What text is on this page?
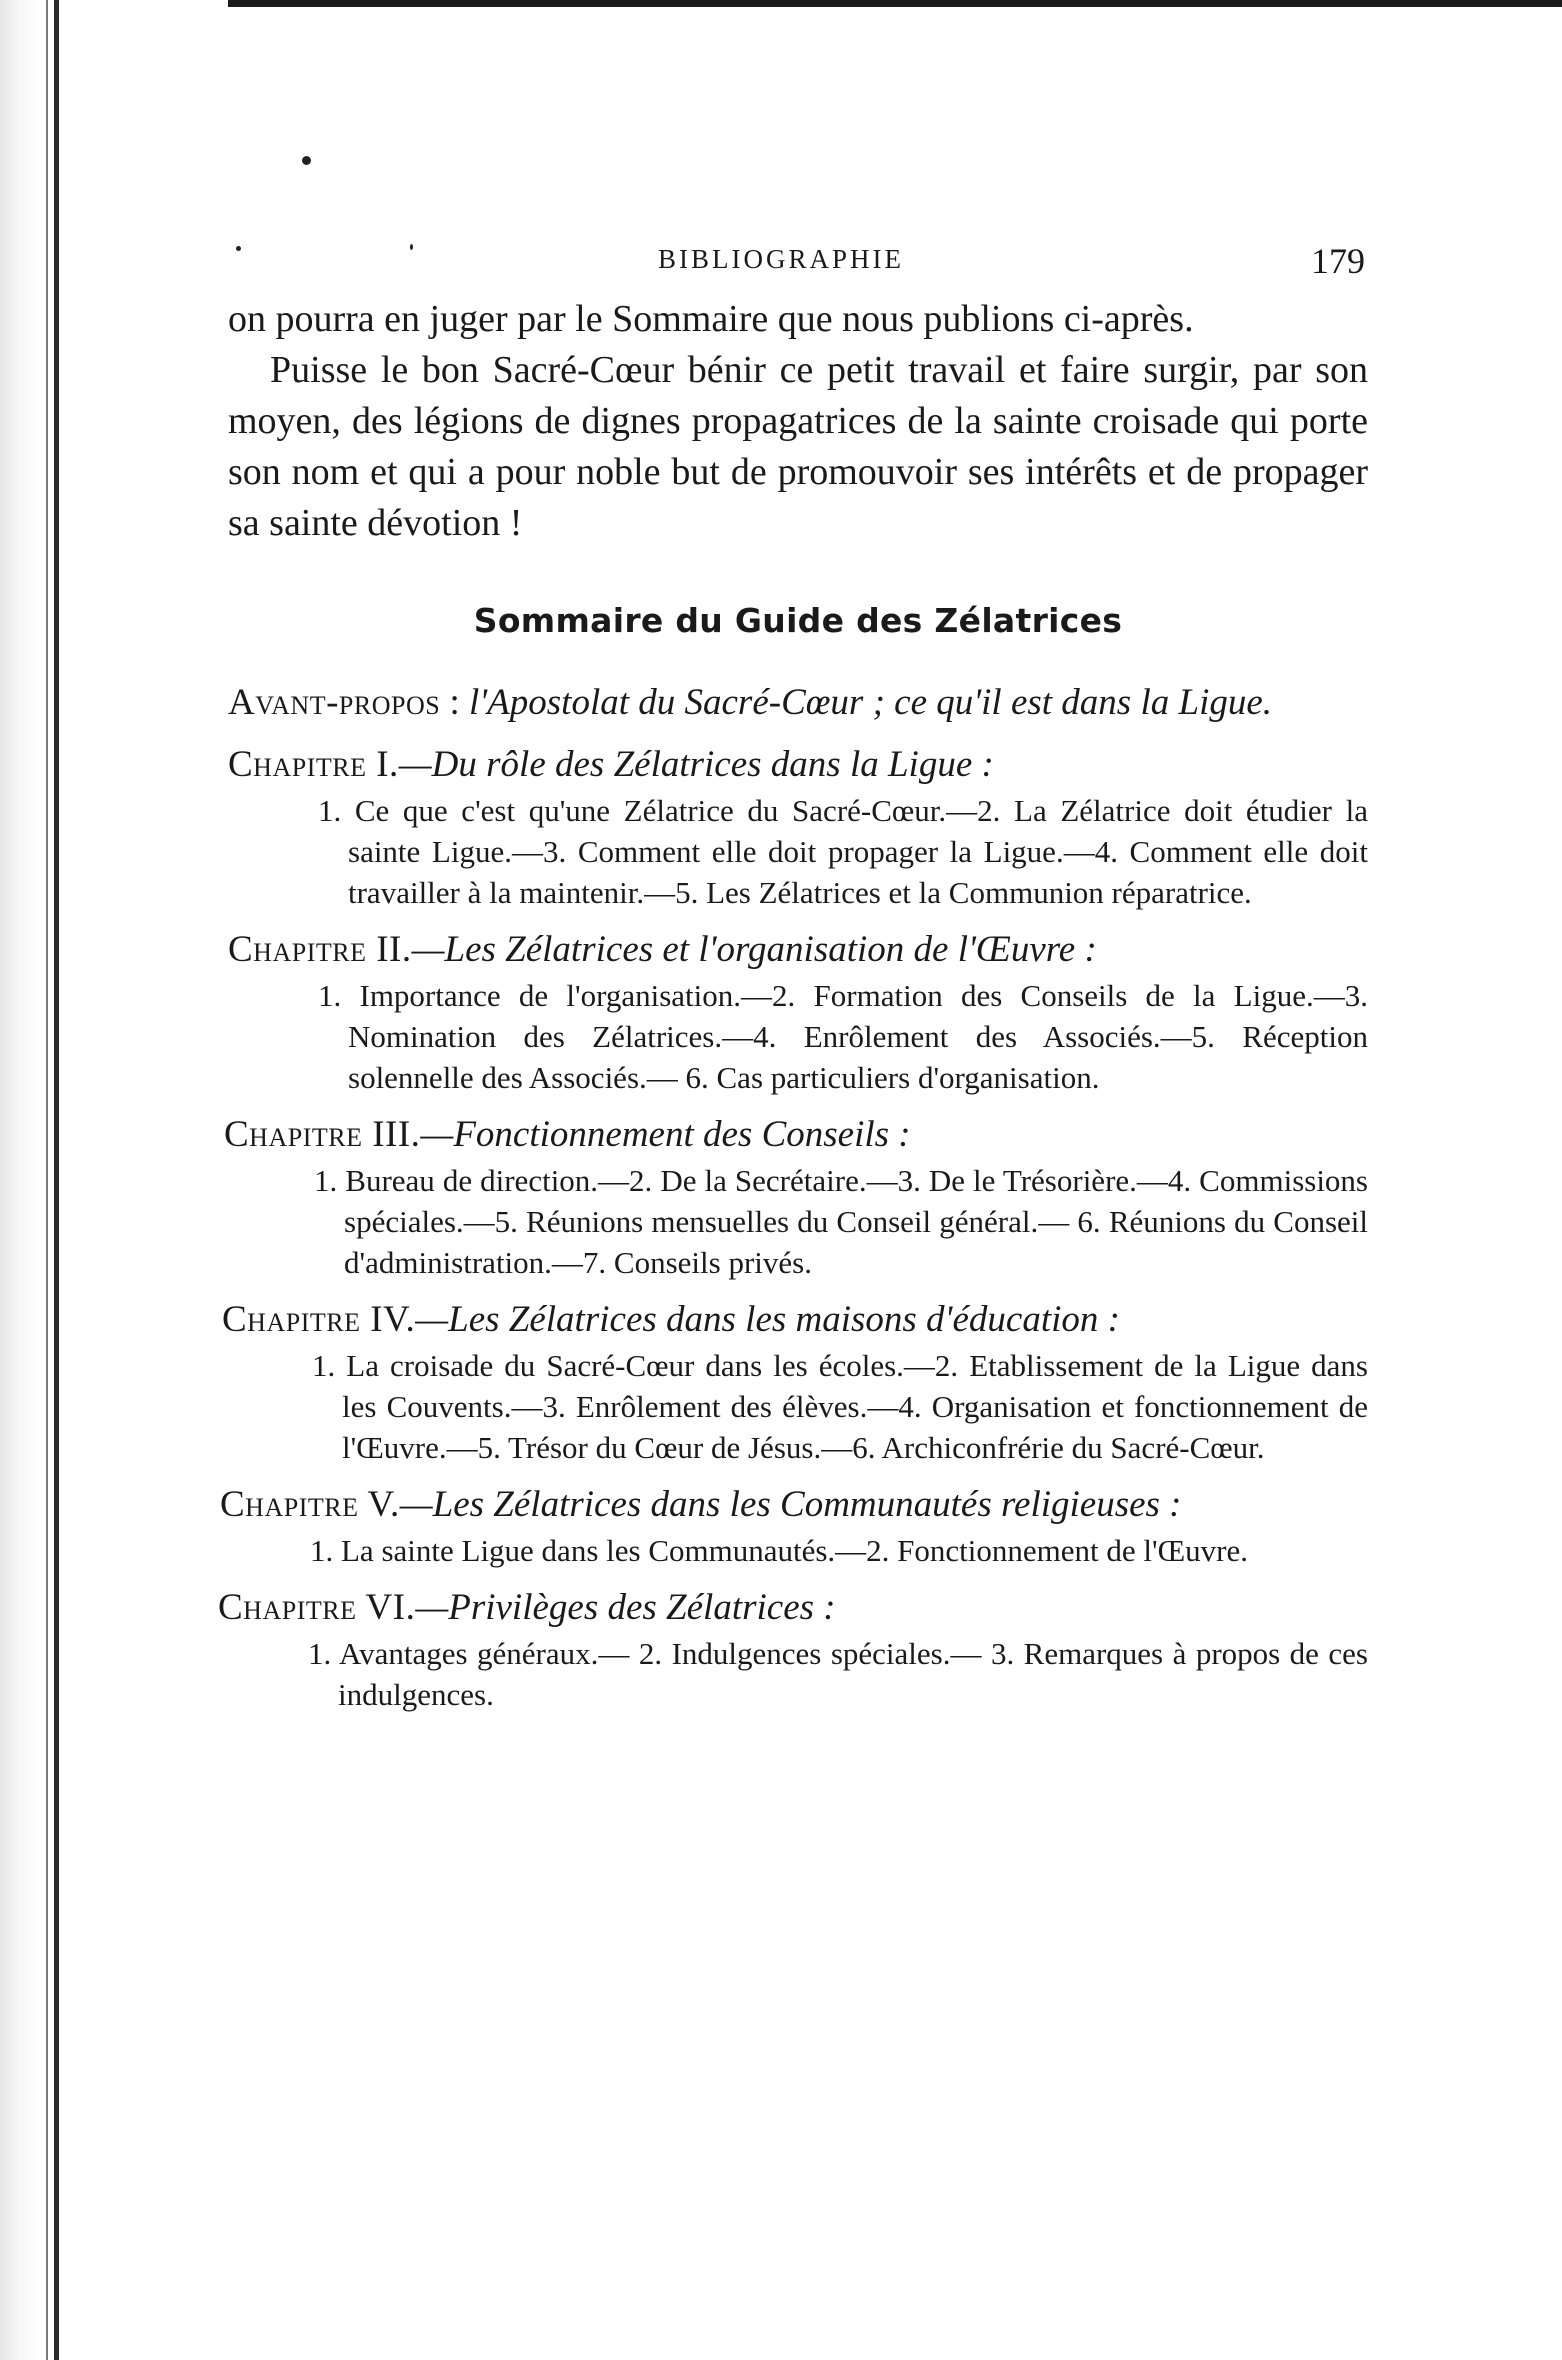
BIBLIOGRAPHIE	179

on pourra en juger par le Sommaire que nous publions ci-après.

Puisse le bon Sacré-Cœur bénir ce petit travail et faire surgir, par son moyen, des légions de dignes propagatrices de la sainte croisade qui porte son nom et qui a pour noble but de promouvoir ses intérêts et de propager sa sainte dévotion !

Sommaire du Guide des Zélatrices
Avant-propos : l'Apostolat du Sacré-Cœur ; ce qu'il est dans la Ligue.
Chapitre I.—Du rôle des Zélatrices dans la Ligue :
1. Ce que c'est qu'une Zélatrice du Sacré-Cœur.—2. La Zélatrice doit étudier la sainte Ligue.—3. Comment elle doit propager la Ligue.—4. Comment elle doit travailler à la maintenir.—5. Les Zélatrices et la Communion réparatrice.
Chapitre II.—Les Zélatrices et l'organisation de l'Œuvre :
1. Importance de l'organisation.—2. Formation des Conseils de la Ligue.—3. Nomination des Zélatrices.—4. Enrôlement des Associés.—5. Réception solennelle des Associés.— 6. Cas particuliers d'organisation.
Chapitre III.—Fonctionnement des Conseils :
1. Bureau de direction.—2. De la Secrétaire.—3. De le Trésorière.—4. Commissions spéciales.—5. Réunions mensuelles du Conseil général.— 6. Réunions du Conseil d'administration.—7. Conseils privés.
Chapitre IV.—Les Zélatrices dans les maisons d'éducation :
1. La croisade du Sacré-Cœur dans les écoles.—2. Etablissement de la Ligue dans les Couvents.—3. Enrôlement des élèves.—4. Organisation et fonctionnement de l'Œuvre.—5. Trésor du Cœur de Jésus.—6. Archiconfrérie du Sacré-Cœur.
Chapitre V.—Les Zélatrices dans les Communautés religieuses :
1. La sainte Ligue dans les Communautés.—2. Fonctionnement de l'Œuvre.
Chapitre VI.—Privilèges des Zélatrices :
1. Avantages généraux.— 2. Indulgences spéciales.— 3. Remarques à propos de ces indulgences.
